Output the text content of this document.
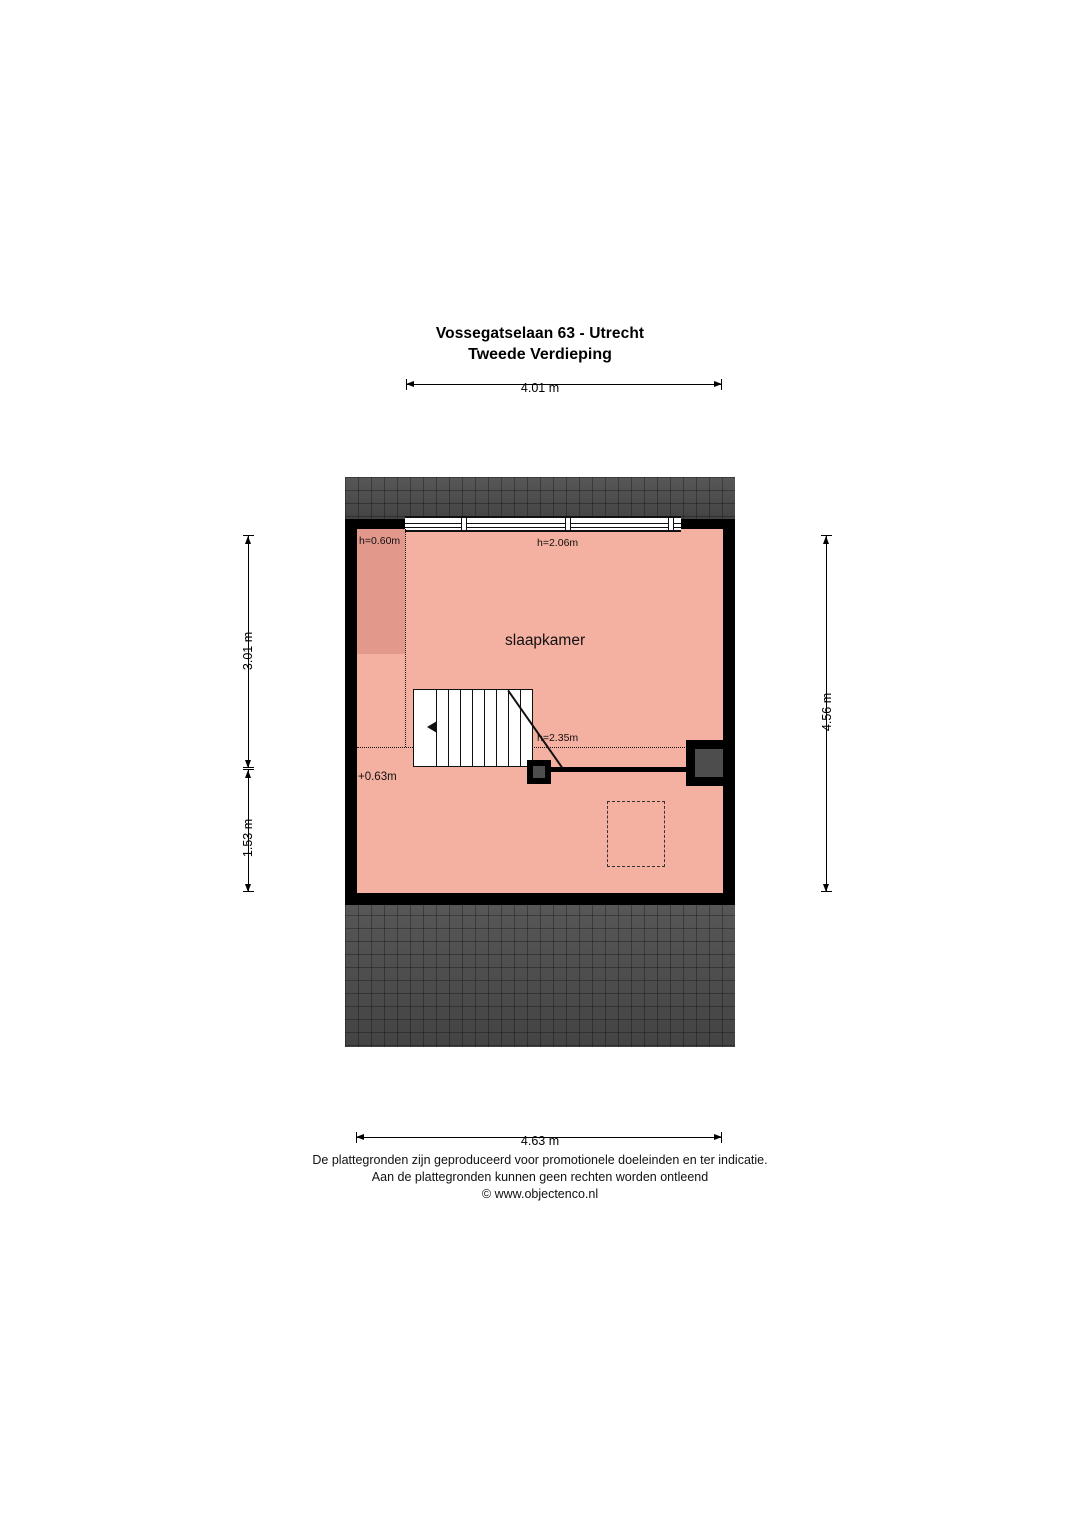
Vossegatselaan 63 - Utrecht
Tweede Verdieping
4.01 m
3.01 m
1.53 m
4.56 m
slaapkamer
h=0.60m	h=2.06m
h=2.35m
+0.63m
4.63 m
De plattegronden zijn geproduceerd voor promotionele doeleinden en ter indicatie.
Aan de plattegronden kunnen geen rechten worden ontleend
© www.objectenco.nl
